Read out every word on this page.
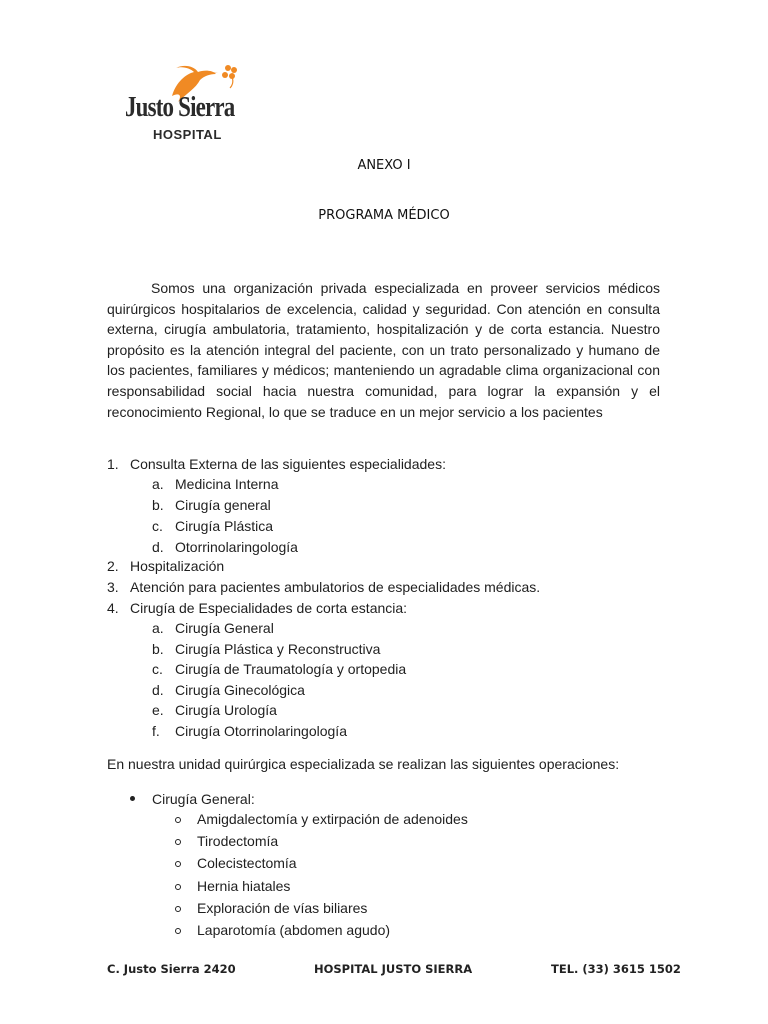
Justo Sierra
HOSPITAL
ANEXO I
PROGRAMA MÉDICO

Somos una organización privada especializada en proveer servicios médicos quirúrgicos hospitalarios de excelencia, calidad y seguridad. Con atención en consulta externa, cirugía ambulatoria, tratamiento, hospitalización y de corta estancia. Nuestro propósito es la atención integral del paciente, con un trato personalizado y humano de los pacientes, familiares y médicos; manteniendo un agradable clima organizacional con responsabilidad social hacia nuestra comunidad, para lograr la expansión y el reconocimiento Regional, lo que se traduce en un mejor servicio a los pacientes

1. Consulta Externa de las siguientes especialidades:
a. Medicina Interna
b. Cirugía general
c. Cirugía Plástica
d. Otorrinolaringología
2. Hospitalización
3. Atención para pacientes ambulatorios de especialidades médicas.
4. Cirugía de Especialidades de corta estancia:
a. Cirugía General
b. Cirugía Plástica y Reconstructiva
c. Cirugía de Traumatología y ortopedia
d. Cirugía Ginecológica
e. Cirugía Urología
f. Cirugía Otorrinolaringología
En nuestra unidad quirúrgica especializada se realizan las siguientes operaciones:
Cirugía General:
Amigdalectomía y extirpación de adenoides
Tirodectomía
Colecistectomía
Hernia hiatales
Exploración de vías biliares
Laparotomía (abdomen agudo)
C. Justo Sierra 2420	HOSPITAL JUSTO SIERRA	TEL. (33) 3615 1502
